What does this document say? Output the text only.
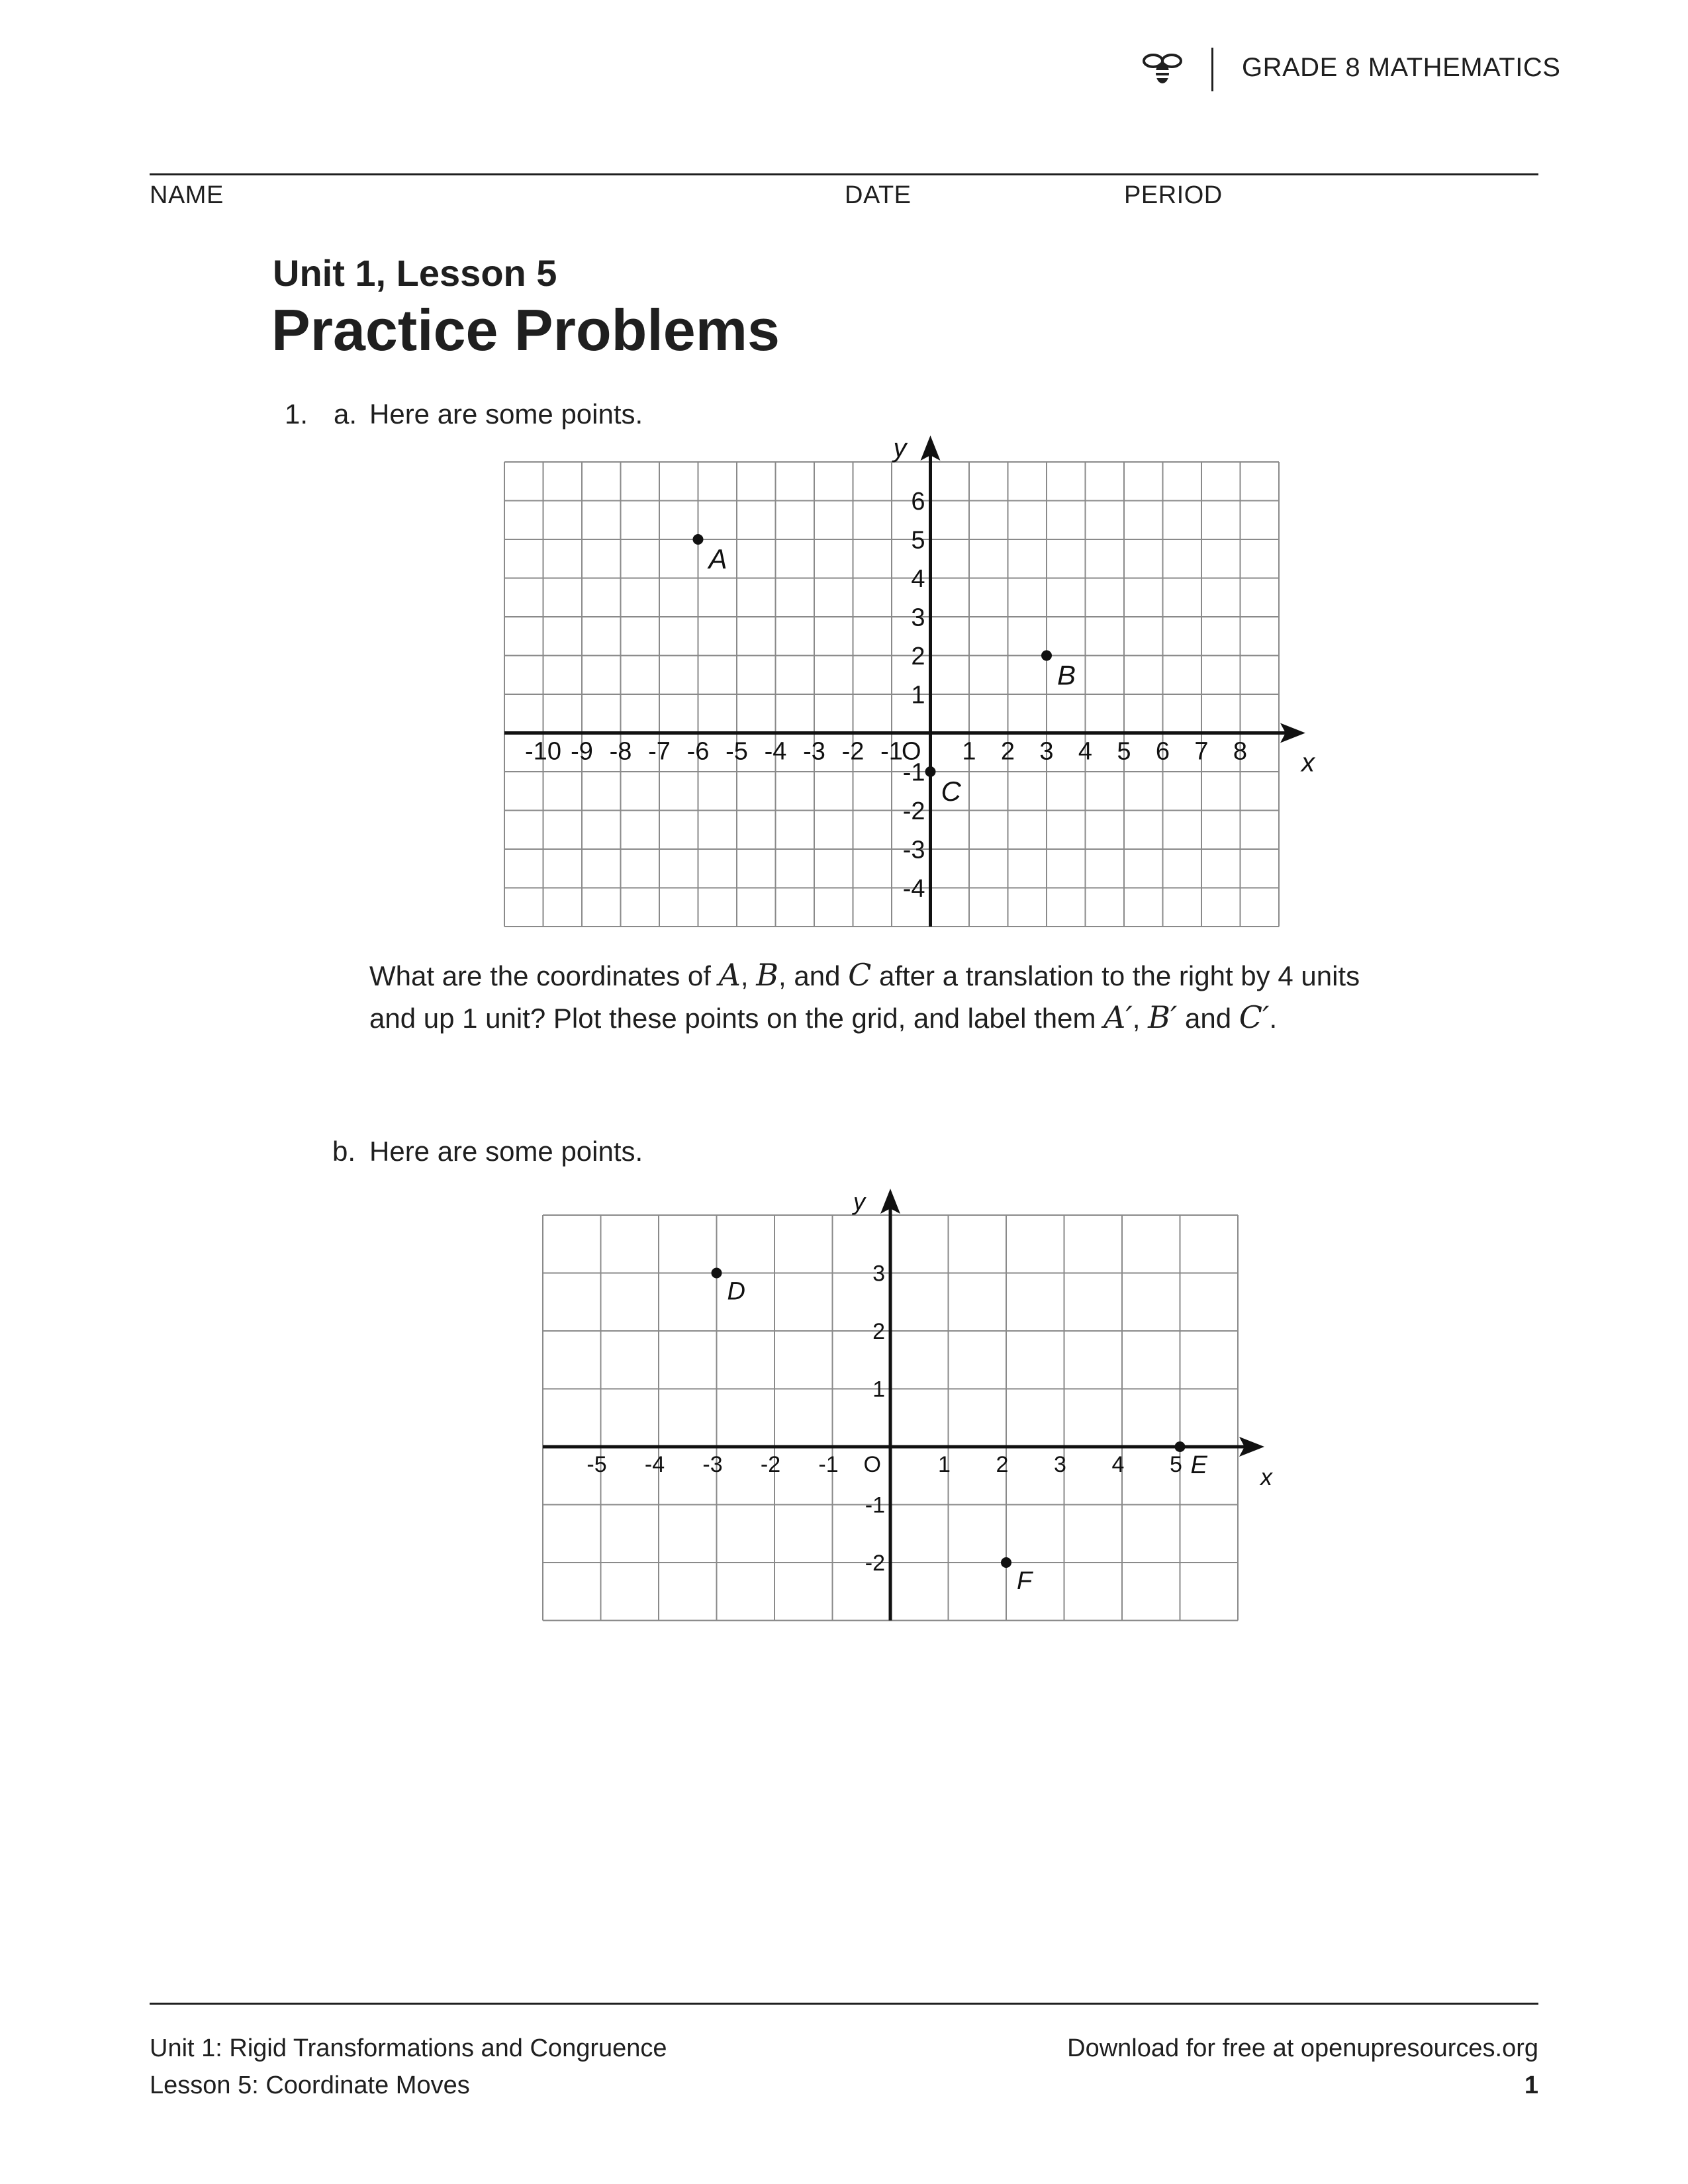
GRADE 8 MATHEMATICS
NAME	DATE	PERIOD
Unit 1, Lesson 5
Practice Problems
1. a. Here are some points.
x
y
-10 -9 -8 -7 -6 -5 -4 -3 -2 -1 1 2 3 4 5 6 7 8
-4
-3
-2
-1
1
2
3
4
5
6
O
A
B
C
What are the coordinates of A, B, and C after a translation to the right by 4 units
and up 1 unit? Plot these points on the grid, and label them A′, B′ and C′.
b. Here are some points.
x
y
-5 -4 -3 -2 -1	1 2 3 4 5
-2
-1
1
2
3
O
D
E
F
Unit 1: Rigid Transformations and Congruence
Lesson 5: Coordinate Moves
Download for free at openupresources.org
1
